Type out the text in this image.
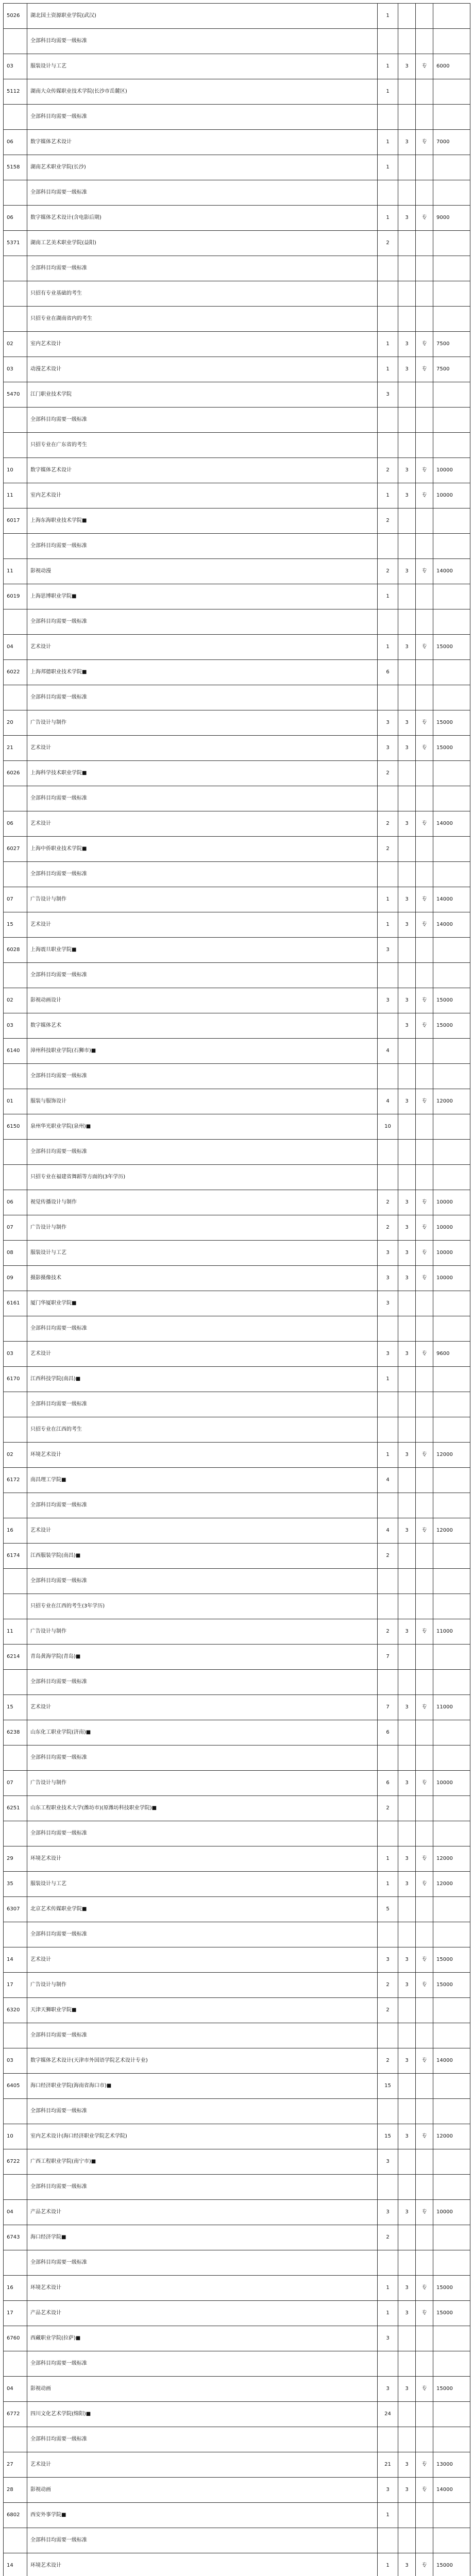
5026	湖北国土资源职业学院(武汉)	1			
	全部科目均需要一级标准				
03	服装设计与工艺	1	3	专	6000
5112	湖南大众传媒职业技术学院(长沙市岳麓区)	1			
	全部科目均需要一级标准				
06	数字媒体艺术设计	1	3	专	7000
5158	湖南艺术职业学院(长沙)	1			
	全部科目均需要一级标准				
06	数字媒体艺术设计(含电影后期)	1	3	专	9000
5371	湖南工艺美术职业学院(益阳)	2			
	全部科目均需要一级标准				
	只招有专业基础的考生				
	只招专业在湖南省内的考生				
02	室内艺术设计	1	3	专	7500
03	动漫艺术设计	1	3	专	7500
5470	江门职业技术学院	3			
	全部科目均需要一级标准				
	只招专业在广东省的考生				
10	数字媒体艺术设计	2	3	专	10000
11	室内艺术设计	1	3	专	10000
6017	上海东海职业技术学院■	2			
	全部科目均需要一级标准				
11	影视动漫	2	3	专	14000
6019	上海思博职业学院■	1			
	全部科目均需要一级标准				
04	艺术设计	1	3	专	15000
6022	上海邦德职业技术学院■	6			
	全部科目均需要一级标准				
20	广告设计与制作	3	3	专	15000
21	艺术设计	3	3	专	15000
6026	上海科学技术职业学院■	2			
	全部科目均需要一级标准				
06	艺术设计	2	3	专	14000
6027	上海中侨职业技术学院■	2			
	全部科目均需要一级标准				
07	广告设计与制作	1	3	专	14000
15	艺术设计	1	3	专	14000
6028	上海震旦职业学院■	3			
	全部科目均需要一级标准				
02	影视动画设计	3	3	专	15000
03	数字媒体艺术		3	专	15000
6140	漳州科技职业学院(石狮市)■	4			
	全部科目均需要一级标准				
01	服装与服饰设计	4	3	专	12000
6150	泉州华光职业学院(泉州)■	10			
	全部科目均需要一级标准				
	只招专业在福建省舞蹈等方面的(3年学历)				
06	视觉传播设计与制作	2	3	专	10000
07	广告设计与制作	2	3	专	10000
08	服装设计与工艺	3	3	专	10000
09	摄影摄像技术	3	3	专	10000
6161	厦门华厦职业学院■	3			
	全部科目均需要一级标准				
03	艺术设计	3	3	专	9600
6170	江西科技学院(南昌)■	1			
	全部科目均需要一级标准				
	只招专业在江西的考生				
02	环境艺术设计	1	3	专	12000
6172	南昌理工学院■	4			
	全部科目均需要一级标准				
16	艺术设计	4	3	专	12000
6174	江西服装学院(南昌)■	2			
	全部科目均需要一级标准				
	只招专业在江西的考生(3年学历)				
11	广告设计与制作	2	3	专	11000
6214	青岛黄海学院(青岛)■	7			
	全部科目均需要一级标准				
15	艺术设计	7	3	专	11000
6238	山东化工职业学院(济南)■	6			
	全部科目均需要一级标准				
07	广告设计与制作	6	3	专	10000
6251	山东工程职业技术大学(潍坊市)(原潍坊科技职业学院)■	2			
	全部科目均需要一级标准				
29	环境艺术设计	1	3	专	12000
35	服装设计与工艺	1	3	专	12000
6307	北京艺术传媒职业学院■	5			
	全部科目均需要一级标准				
14	艺术设计	3	3	专	15000
17	广告设计与制作	2	3	专	15000
6320	天津天狮职业学院■	2			
	全部科目均需要一级标准				
03	数字媒体艺术设计(天津市外国语学院艺术设计专业)	2	3	专	14000
6405	海口经济职业学院(海南省海口市)■	15			
	全部科目均需要一级标准				
10	室内艺术设计(海口经济职业学院艺术学院)	15	3	专	12000
6722	广西工程职业学院(南宁市)■	3			
	全部科目均需要一级标准				
04	产品艺术设计	3	3	专	10000
6743	海口经济学院■	2			
	全部科目均需要一级标准				
16	环境艺术设计	1	3	专	15000
17	产品艺术设计	1	3	专	15000
6760	西藏职业学院(拉萨)■	3			
	全部科目均需要一级标准				
04	影视动画	3	3	专	15000
6772	四川文化艺术学院(绵阳)■	24			
	全部科目均需要一级标准				
27	艺术设计	21	3	专	13000
28	影视动画	3	3	专	14000
6802	西安外事学院■	1			
	全部科目均需要一级标准				
14	环境艺术设计	1	3	专	15000
